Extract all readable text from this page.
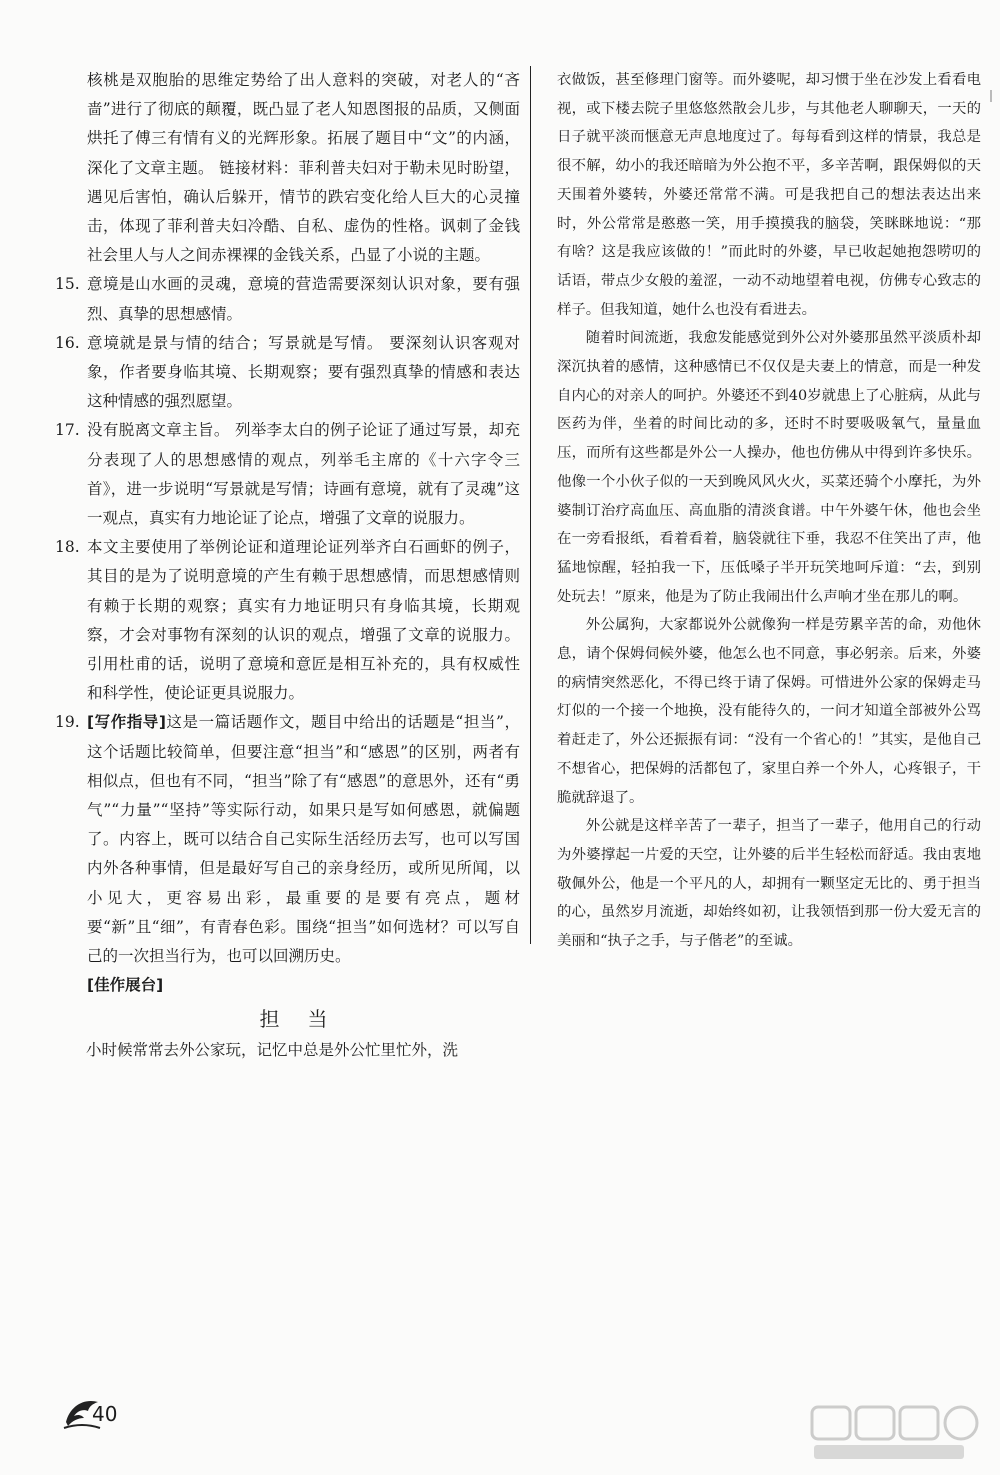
核桃是双胞胎的思维定势给了出人意料的突破，对老人的“吝啬”进行了彻底的颠覆，既凸显了老人知恩图报的品质，又侧面烘托了傅三有情有义的光辉形象。拓展了题目中“文”的内涵，深化了文章主题。 链接材料：菲利普夫妇对于勒未见时盼望，遇见后害怕，确认后躲开，情节的跌宕变化给人巨大的心灵撞击，体现了菲利普夫妇冷酷、自私、虚伪的性格。讽刺了金钱社会里人与人之间赤裸裸的金钱关系，凸显了小说的主题。

15. 意境是山水画的灵魂，意境的营造需要深刻认识对象，要有强烈、真挚的思想感情。

16. 意境就是景与情的结合；写景就是写情。 要深刻认识客观对象，作者要身临其境、长期观察；要有强烈真挚的情感和表达这种情感的强烈愿望。

17. 没有脱离文章主旨。 列举李太白的例子论证了通过写景，却充分表现了人的思想感情的观点，列举毛主席的《十六字令三首》，进一步说明“写景就是写情；诗画有意境，就有了灵魂”这一观点，真实有力地论证了论点，增强了文章的说服力。

18. 本文主要使用了举例论证和道理论证列举齐白石画虾的例子，其目的是为了说明意境的产生有赖于思想感情，而思想感情则有赖于长期的观察；真实有力地证明只有身临其境，长期观察，才会对事物有深刻的认识的观点，增强了文章的说服力。引用杜甫的话，说明了意境和意匠是相互补充的，具有权威性和科学性，使论证更具说服力。

19. [写作指导]这是一篇话题作文，题目中给出的话题是“担当”，这个话题比较简单，但要注意“担当”和“感恩”的区别，两者有相似点，但也有不同，“担当”除了有“感恩”的意思外，还有“勇气”“力量”“坚持”等实际行动，如果只是写如何感恩，就偏题了。内容上，既可以结合自己实际生活经历去写，也可以写国内外各种事情，但是最好写自己的亲身经历，或所见所闻，以小见大，更容易出彩，最重要的是要有亮点，题材要“新”且“细”，有青春色彩。围绕“担当”如何选材？可以写自己的一次担当行为，也可以回溯历史。

[佳作展台]

担当

小时候常常去外公家玩，记忆中总是外公忙里忙外，洗

衣做饭，甚至修理门窗等。而外婆呢，却习惯于坐在沙发上看看电视，或下楼去院子里悠悠然散会儿步，与其他老人聊聊天，一天的日子就平淡而惬意无声息地度过了。每每看到这样的情景，我总是很不解，幼小的我还暗暗为外公抱不平，多辛苦啊，跟保姆似的天天围着外婆转，外婆还常常不满。可是我把自己的想法表达出来时，外公常常是憨憨一笑，用手摸摸我的脑袋，笑眯眯地说：“那有啥？这是我应该做的！”而此时的外婆，早已收起她抱怨唠叨的话语，带点少女般的羞涩，一动不动地望着电视，仿佛专心致志的样子。但我知道，她什么也没有看进去。

随着时间流逝，我愈发能感觉到外公对外婆那虽然平淡质朴却深沉执着的感情，这种感情已不仅仅是夫妻上的情意，而是一种发自内心的对亲人的呵护。外婆还不到40岁就患上了心脏病，从此与医药为伴，坐着的时间比动的多，还时不时要吸吸氧气，量量血压，而所有这些都是外公一人操办，他也仿佛从中得到许多快乐。他像一个小伙子似的一天到晚风风火火，买菜还骑个小摩托，为外婆制订治疗高血压、高血脂的清淡食谱。中午外婆午休，他也会坐在一旁看报纸，看着看着，脑袋就往下垂，我忍不住笑出了声，他猛地惊醒，轻拍我一下，压低嗓子半开玩笑地呵斥道：“去，到别处玩去！”原来，他是为了防止我闹出什么声响才坐在那儿的啊。

外公属狗，大家都说外公就像狗一样是劳累辛苦的命，劝他休息，请个保姆伺候外婆，他怎么也不同意，事必躬亲。后来，外婆的病情突然恶化，不得已终于请了保姆。可惜进外公家的保姆走马灯似的一个接一个地换，没有能待久的，一问才知道全部被外公骂着赶走了，外公还振振有词：“没有一个省心的！”其实，是他自己不想省心，把保姆的活都包了，家里白养一个外人，心疼银子，干脆就辞退了。

外公就是这样辛苦了一辈子，担当了一辈子，他用自己的行动为外婆撑起一片爱的天空，让外婆的后半生轻松而舒适。我由衷地敬佩外公，他是一个平凡的人，却拥有一颗坚定无比的、勇于担当的心，虽然岁月流逝，却始终如初，让我领悟到那一份大爱无言的美丽和“执子之手，与子偕老”的至诚。

40
